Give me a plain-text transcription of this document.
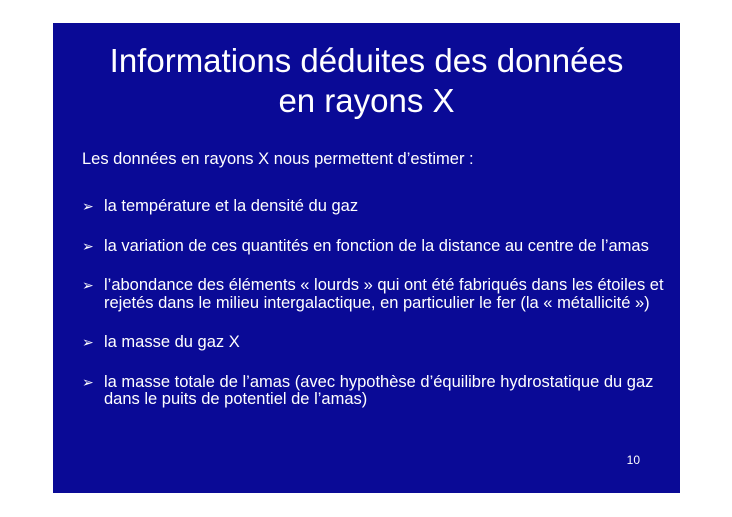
Informations déduites des données
en rayons X

Les données en rayons X nous permettent d’estimer :

➢ la température et la densité du gaz
➢ la variation de ces quantités en fonction de la distance au centre de l’amas
➢ l’abondance des éléments « lourds » qui ont été fabriqués dans les étoiles et rejetés dans le milieu intergalactique, en particulier le fer (la « métallicité »)
➢ la masse du gaz X
➢ la masse totale de l’amas (avec hypothèse d’équilibre hydrostatique du gaz dans le puits de potentiel de l’amas)

10
